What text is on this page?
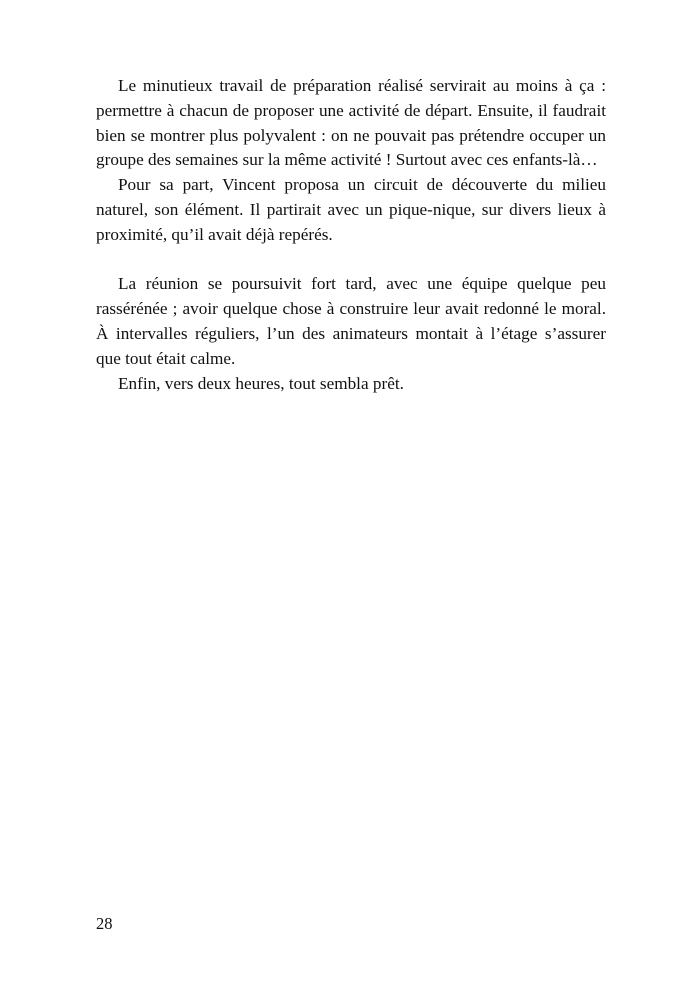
Le minutieux travail de préparation réalisé servirait au moins à ça : permettre à chacun de proposer une activité de départ. Ensuite, il faudrait bien se montrer plus polyvalent : on ne pouvait pas prétendre occuper un groupe des semaines sur la même activité ! Surtout avec ces enfants-là…

Pour sa part, Vincent proposa un circuit de découverte du milieu naturel, son élément. Il partirait avec un pique-nique, sur divers lieux à proximité, qu’il avait déjà repérés.

La réunion se poursuivit fort tard, avec une équipe quelque peu rassérénée ; avoir quelque chose à construire leur avait redonné le moral. À intervalles réguliers, l’un des animateurs montait à l’étage s’assurer que tout était calme.

Enfin, vers deux heures, tout sembla prêt.

28
